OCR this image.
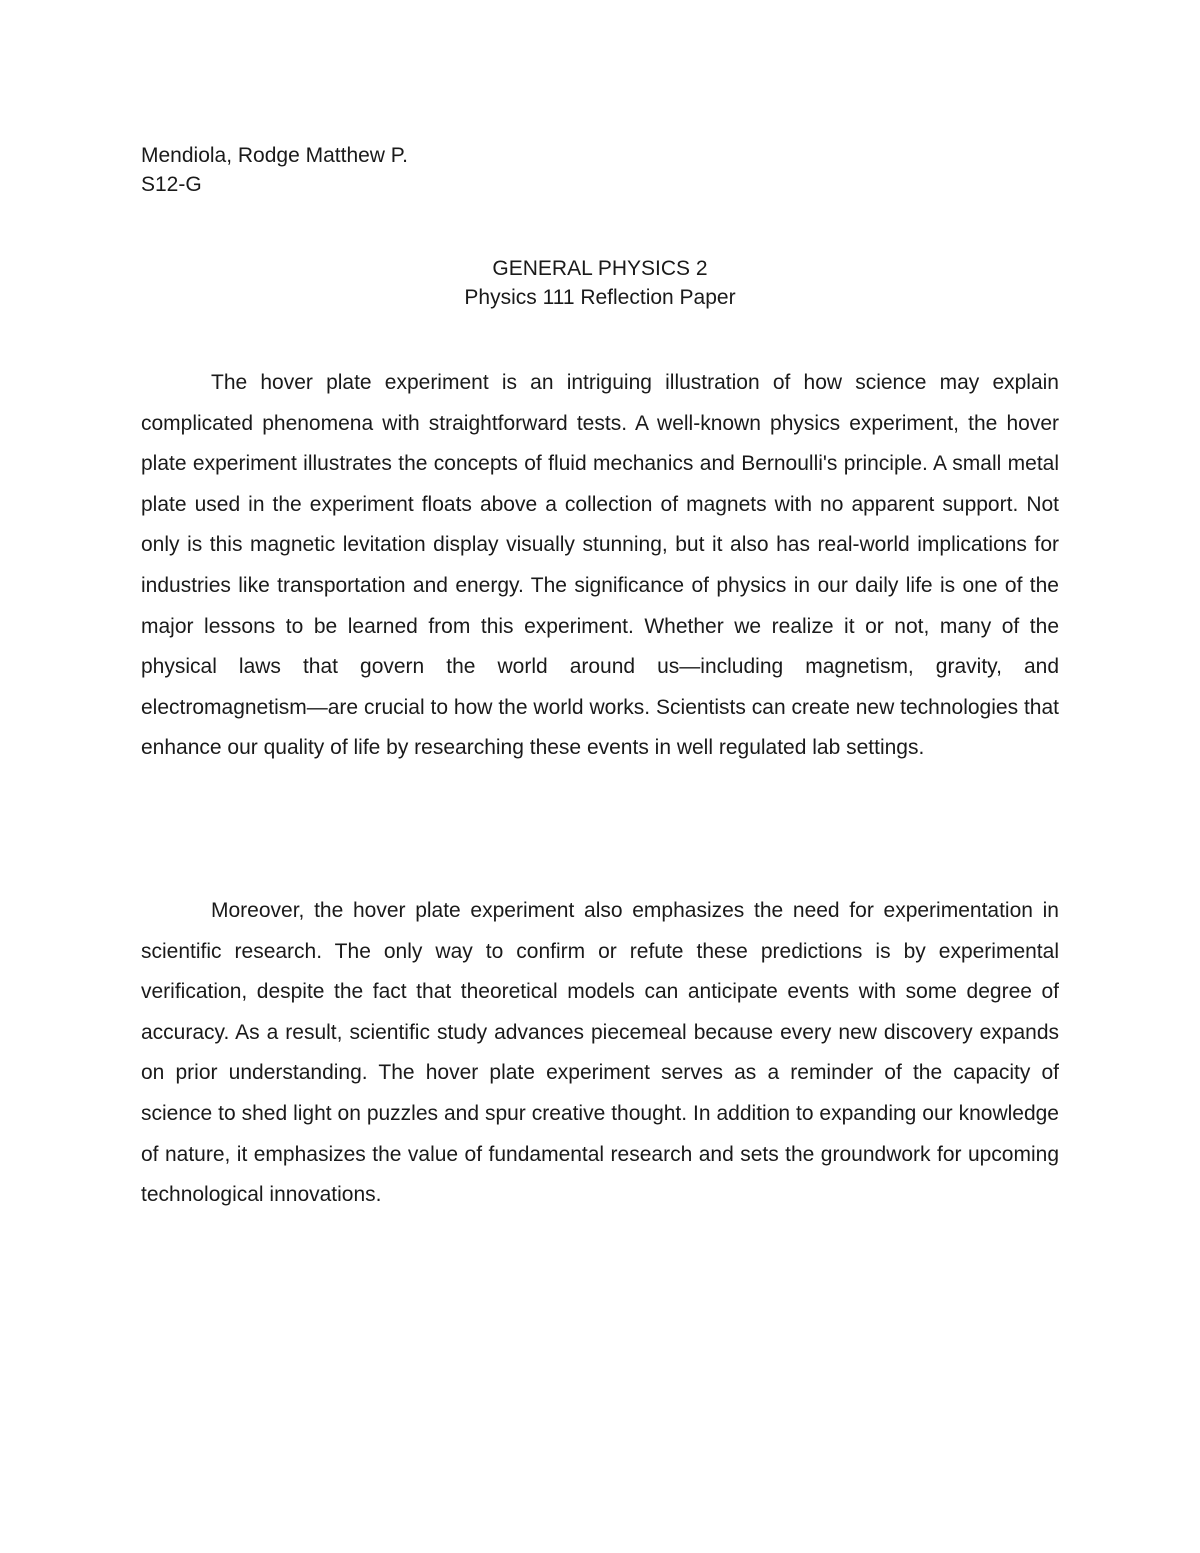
Mendiola, Rodge Matthew P.
S12-G
GENERAL PHYSICS 2
Physics 111 Reflection Paper

The hover plate experiment is an intriguing illustration of how science may explain complicated phenomena with straightforward tests. A well-known physics experiment, the hover plate experiment illustrates the concepts of fluid mechanics and Bernoulli's principle. A small metal plate used in the experiment floats above a collection of magnets with no apparent support. Not only is this magnetic levitation display visually stunning, but it also has real-world implications for industries like transportation and energy. The significance of physics in our daily life is one of the major lessons to be learned from this experiment. Whether we realize it or not, many of the physical laws that govern the world around us—including magnetism, gravity, and electromagnetism—are crucial to how the world works. Scientists can create new technologies that enhance our quality of life by researching these events in well regulated lab settings.

Moreover, the hover plate experiment also emphasizes the need for experimentation in scientific research. The only way to confirm or refute these predictions is by experimental verification, despite the fact that theoretical models can anticipate events with some degree of accuracy. As a result, scientific study advances piecemeal because every new discovery expands on prior understanding. The hover plate experiment serves as a reminder of the capacity of science to shed light on puzzles and spur creative thought. In addition to expanding our knowledge of nature, it emphasizes the value of fundamental research and sets the groundwork for upcoming technological innovations.
